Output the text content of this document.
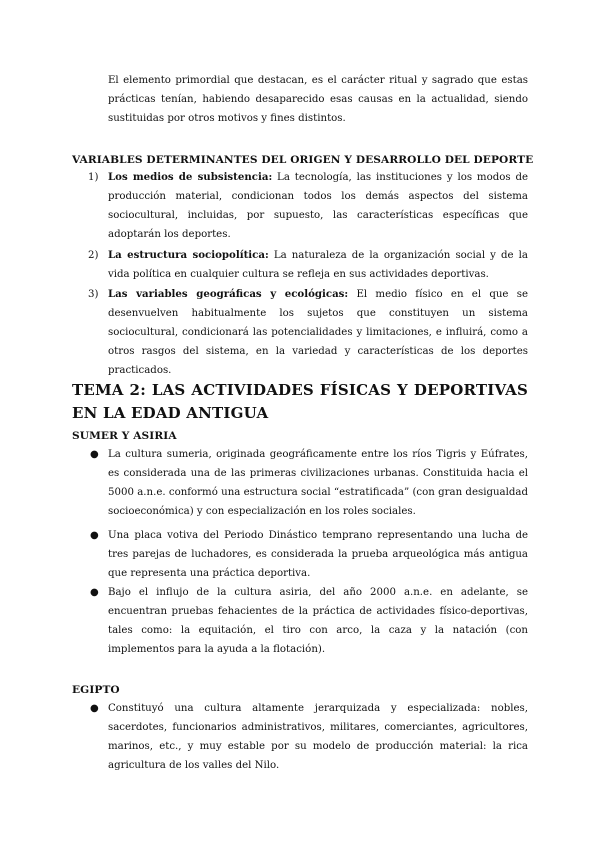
El elemento primordial que destacan, es el carácter ritual y sagrado que estas prácticas tenían, habiendo desaparecido esas causas en la actualidad, siendo sustituidas por otros motivos y fines distintos.

VARIABLES DETERMINANTES DEL ORIGEN Y DESARROLLO DEL DEPORTE
1) Los medios de subsistencia: La tecnología, las instituciones y los modos de producción material, condicionan todos los demás aspectos del sistema sociocultural, incluidas, por supuesto, las características específicas que adoptarán los deportes.

2) La estructura sociopolítica: La naturaleza de la organización social y de la vida política en cualquier cultura se refleja en sus actividades deportivas.

3) Las variables geográficas y ecológicas: El medio físico en el que se desenvuelven habitualmente los sujetos que constituyen un sistema sociocultural, condicionará las potencialidades y limitaciones, e influirá, como a otros rasgos del sistema, en la variedad y características de los deportes practicados.

TEMA 2: LAS ACTIVIDADES FÍSICAS Y DEPORTIVAS EN LA EDAD ANTIGUA
SUMER Y ASIRIA
● La cultura sumeria, originada geográficamente entre los ríos Tigris y Eúfrates, es considerada una de las primeras civilizaciones urbanas. Constituida hacia el 5000 a.n.e. conformó una estructura social “estratificada” (con gran desigualdad socioeconómica) y con especialización en los roles sociales.

● Una placa votiva del Periodo Dinástico temprano representando una lucha de tres parejas de luchadores, es considerada la prueba arqueológica más antigua que representa una práctica deportiva.

● Bajo el influjo de la cultura asiria, del año 2000 a.n.e. en adelante, se encuentran pruebas fehacientes de la práctica de actividades físico-deportivas, tales como: la equitación, el tiro con arco, la caza y la natación (con implementos para la ayuda a la flotación).

EGIPTO
● Constituyó una cultura altamente jerarquizada y especializada: nobles, sacerdotes, funcionarios administrativos, militares, comerciantes, agricultores, marinos, etc., y muy estable por su modelo de producción material: la rica agricultura de los valles del Nilo.
